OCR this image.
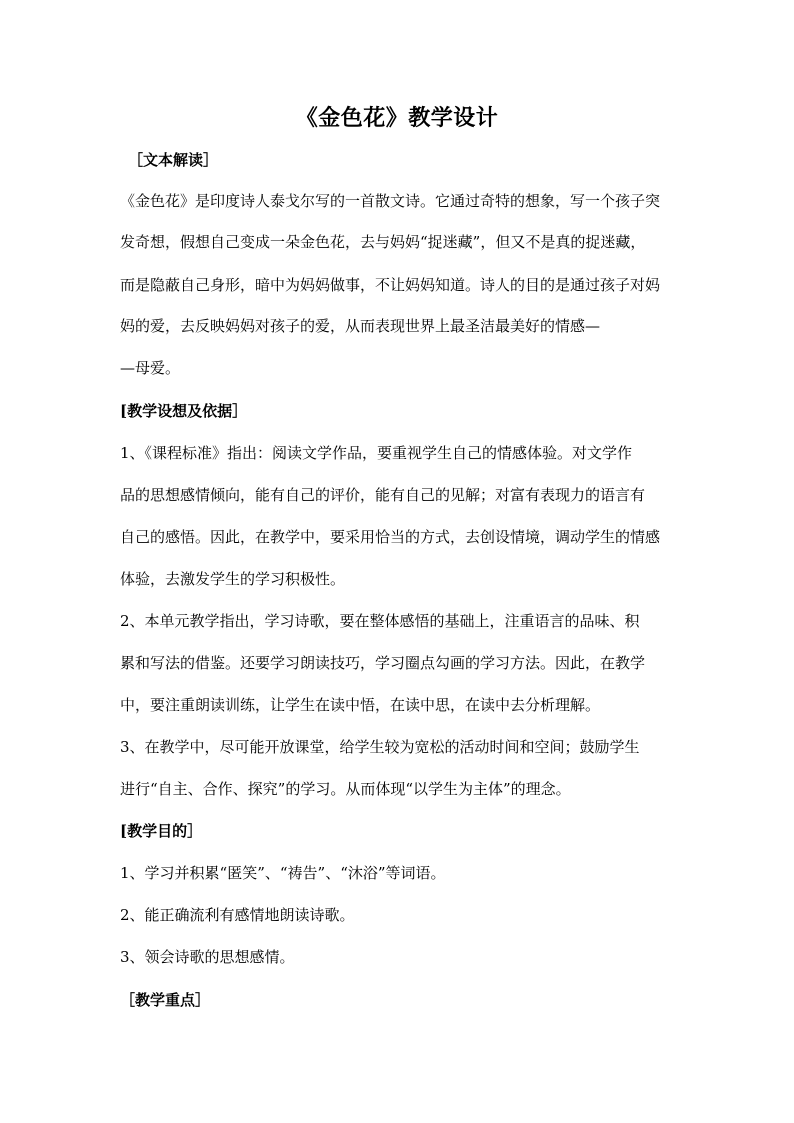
《金色花》教学设计
［文本解读］
《金色花》是印度诗人泰戈尔写的一首散文诗。它通过奇特的想象，写一个孩子突
发奇想，假想自己变成一朵金色花，去与妈妈“捉迷藏”，但又不是真的捉迷藏，
而是隐蔽自己身形，暗中为妈妈做事，不让妈妈知道。诗人的目的是通过孩子对妈
妈的爱，去反映妈妈对孩子的爱，从而表现世界上最圣洁最美好的情感—
—母爱。
[教学设想及依据］
1、《课程标准》指出：阅读文学作品，要重视学生自己的情感体验。对文学作
品的思想感情倾向，能有自己的评价，能有自己的见解；对富有表现力的语言有
自己的感悟。因此，在教学中，要采用恰当的方式，去创设情境，调动学生的情感
体验，去激发学生的学习积极性。
2、本单元教学指出，学习诗歌，要在整体感悟的基础上，注重语言的品味、积
累和写法的借鉴。还要学习朗读技巧，学习圈点勾画的学习方法。因此，在教学
中，要注重朗读训练，让学生在读中悟，在读中思，在读中去分析理解。
3、在教学中，尽可能开放课堂，给学生较为宽松的活动时间和空间；鼓励学生
进行“自主、合作、探究”的学习。从而体现“以学生为主体”的理念。
[教学目的］
1、学习并积累“匿笑”、“祷告”、“沐浴”等词语。
2、能正确流利有感情地朗读诗歌。
3、领会诗歌的思想感情。
［教学重点］
